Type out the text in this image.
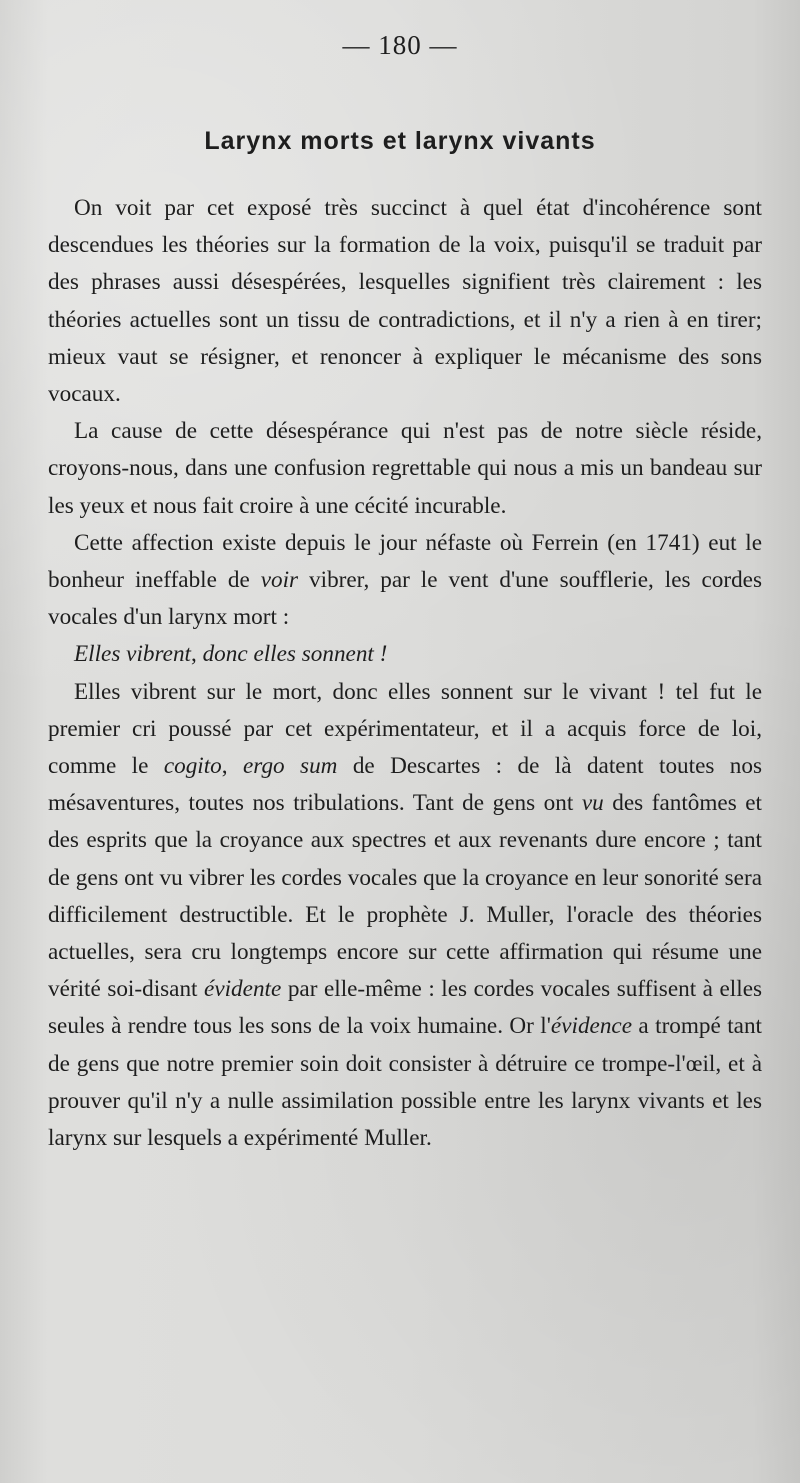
— 180 —
Larynx morts et larynx vivants

On voit par cet exposé très succinct à quel état d'incohérence sont descendues les théories sur la formation de la voix, puisqu'il se traduit par des phrases aussi désespérées, lesquelles signifient très clairement : les théories actuelles sont un tissu de contradictions, et il n'y a rien à en tirer; mieux vaut se résigner, et renoncer à expliquer le mécanisme des sons vocaux.

La cause de cette désespérance qui n'est pas de notre siècle réside, croyons-nous, dans une confusion regrettable qui nous a mis un bandeau sur les yeux et nous fait croire à une cécité incurable.

Cette affection existe depuis le jour néfaste où Ferrein (en 1741) eut le bonheur ineffable de voir vibrer, par le vent d'une soufflerie, les cordes vocales d'un larynx mort :

Elles vibrent, donc elles sonnent !

Elles vibrent sur le mort, donc elles sonnent sur le vivant ! tel fut le premier cri poussé par cet expérimentateur, et il a acquis force de loi, comme le cogito, ergo sum de Descartes : de là datent toutes nos mésaventures, toutes nos tribulations. Tant de gens ont vu des fantômes et des esprits que la croyance aux spectres et aux revenants dure encore ; tant de gens ont vu vibrer les cordes vocales que la croyance en leur sonorité sera difficilement destructible. Et le prophète J. Muller, l'oracle des théories actuelles, sera cru longtemps encore sur cette affirmation qui résume une vérité soi-disant évidente par elle-même : les cordes vocales suffisent à elles seules à rendre tous les sons de la voix humaine. Or l'évidence a trompé tant de gens que notre premier soin doit consister à détruire ce trompe-l'œil, et à prouver qu'il n'y a nulle assimilation possible entre les larynx vivants et les larynx sur lesquels a expérimenté Muller.
